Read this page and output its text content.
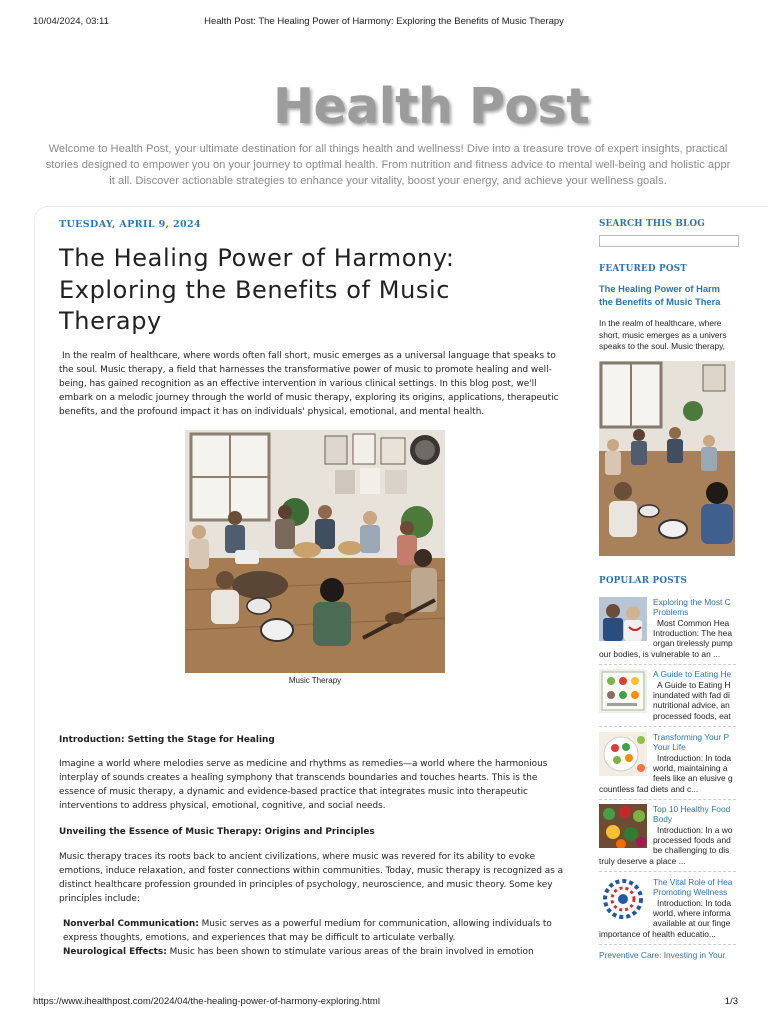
10/04/2024, 03:11	Health Post: The Healing Power of Harmony: Exploring the Benefits of Music Therapy
Health Post
Welcome to Health Post, your ultimate destination for all things health and wellness! Dive into a treasure trove of expert insights, practical
stories designed to empower you on your journey to optimal health. From nutrition and fitness advice to mental well-being and holistic appr
it all. Discover actionable strategies to enhance your vitality, boost your energy, and achieve your wellness goals.
TUESDAY, APRIL 9, 2024
The Healing Power of Harmony: Exploring the Benefits of Music Therapy

In the realm of healthcare, where words often fall short, music emerges as a universal language that speaks to the soul. Music therapy, a field that harnesses the transformative power of music to promote healing and well-being, has gained recognition as an effective intervention in various clinical settings. In this blog post, we'll embark on a melodic journey through the world of music therapy, exploring its origins, applications, therapeutic benefits, and the profound impact it has on individuals' physical, emotional, and mental health.

Music Therapy
Introduction: Setting the Stage for Healing
Imagine a world where melodies serve as medicine and rhythms as remedies—a world where the harmonious interplay of sounds creates a healing symphony that transcends boundaries and touches hearts. This is the essence of music therapy, a dynamic and evidence-based practice that integrates music into therapeutic interventions to address physical, emotional, cognitive, and social needs.
Unveiling the Essence of Music Therapy: Origins and Principles
Music therapy traces its roots back to ancient civilizations, where music was revered for its ability to evoke emotions, induce relaxation, and foster connections within communities. Today, music therapy is recognized as a distinct healthcare profession grounded in principles of psychology, neuroscience, and music theory. Some key principles include:
Nonverbal Communication: Music serves as a powerful medium for communication, allowing individuals to express thoughts, emotions, and experiences that may be difficult to articulate verbally.
Neurological Effects: Music has been shown to stimulate various areas of the brain involved in emotion
SEARCH THIS BLOG
FEATURED POST
The Healing Power of Harm
the Benefits of Music Thera
In the realm of healthcare, where
short, music emerges as a univers
speaks to the soul. Music therapy,
POPULAR POSTS
Exploring the Most C
Problems
Most Common Hea
Introduction: The hea
organ tirelessly pump
our bodies, is vulnerable to an ...
A Guide to Eating He
A Guide to Eating H
inundated with fad di
nutritional advice, an
processed foods, eat
Transforming Your P
Your Life
Introduction: In toda
world, maintaining a
feels like an elusive g
countless fad diets and c...
Top 10 Healthy Food
Body
Introduction: In a wo
processed foods and
be challenging to dis
truly deserve a place ...
The Vital Role of Hea
Promoting Wellness
Introduction: In toda
world, where informa
available at our finge
importance of health educatio...
Preventive Care: Investing in Your
https://www.ihealthpost.com/2024/04/the-healing-power-of-harmony-exploring.html	1/3
